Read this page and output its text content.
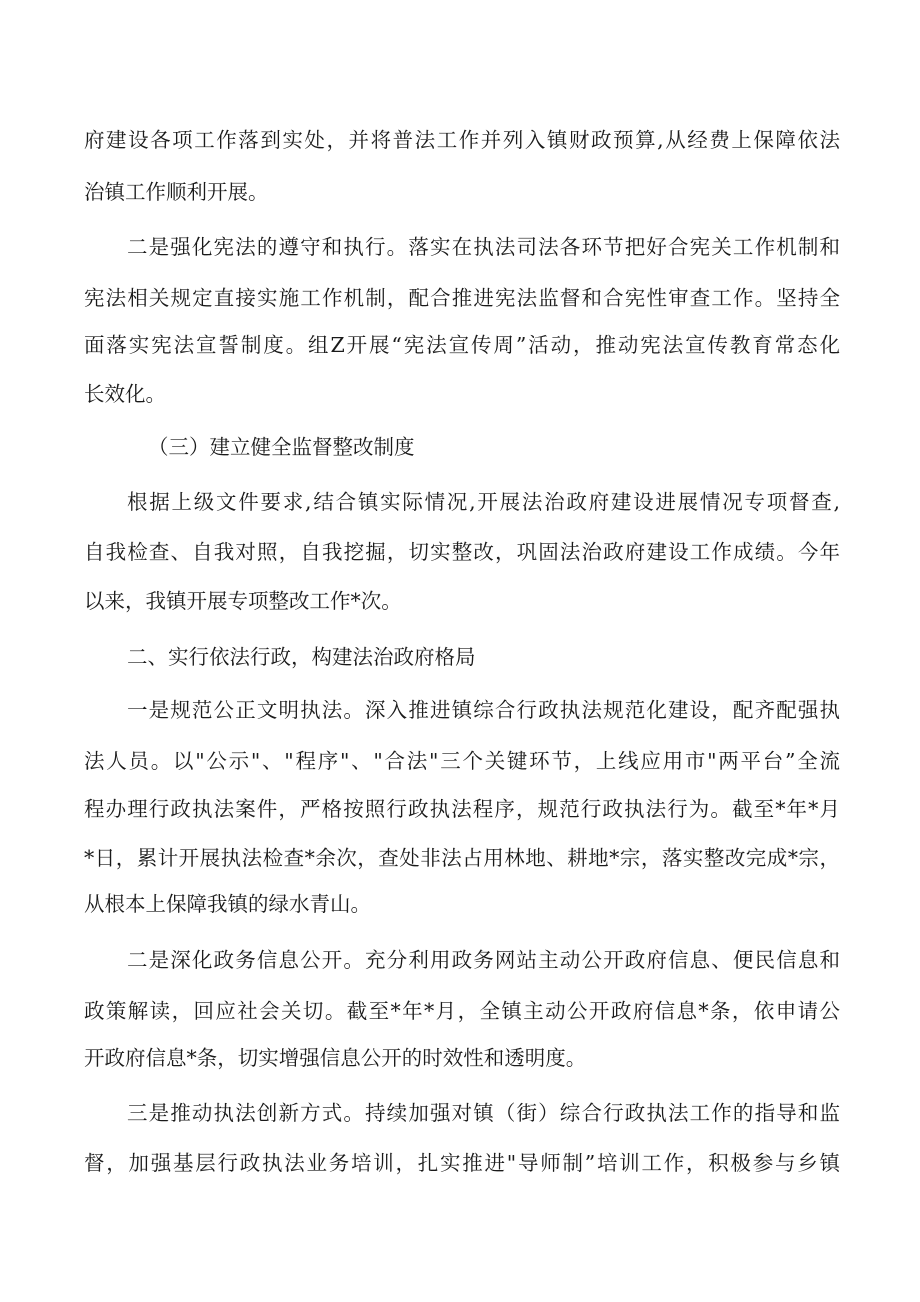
府建设各项工作落到实处，并将普法工作并列入镇财政预算,从经费上保障依法
治镇工作顺利开展。
二是强化宪法的遵守和执行。落实在执法司法各环节把好合宪关工作机制和
宪法相关规定直接实施工作机制，配合推进宪法监督和合宪性审查工作。坚持全
面落实宪法宣誓制度。组Z开展“宪法宣传周”活动，推动宪法宣传教育常态化
长效化。
（三）建立健全监督整改制度
根据上级文件要求,结合镇实际情况,开展法治政府建设进展情况专项督查,
自我检查、自我对照，自我挖掘，切实整改，巩固法治政府建设工作成绩。今年
以来，我镇开展专项整改工作*次。
二、实行依法行政，构建法治政府格局
一是规范公正文明执法。深入推进镇综合行政执法规范化建设，配齐配强执
法人员。以"公示"、"程序"、"合法"三个关键环节，上线应用市"两平台”全流
程办理行政执法案件，严格按照行政执法程序，规范行政执法行为。截至*年*月
*日，累计开展执法检查*余次，查处非法占用林地、耕地*宗，落实整改完成*宗，
从根本上保障我镇的绿水青山。
二是深化政务信息公开。充分利用政务网站主动公开政府信息、便民信息和
政策解读，回应社会关切。截至*年*月，全镇主动公开政府信息*条，依申请公
开政府信息*条，切实增强信息公开的时效性和透明度。
三是推动执法创新方式。持续加强对镇（街）综合行政执法工作的指导和监
督，加强基层行政执法业务培训，扎实推进"导师制”培训工作，积极参与乡镇
